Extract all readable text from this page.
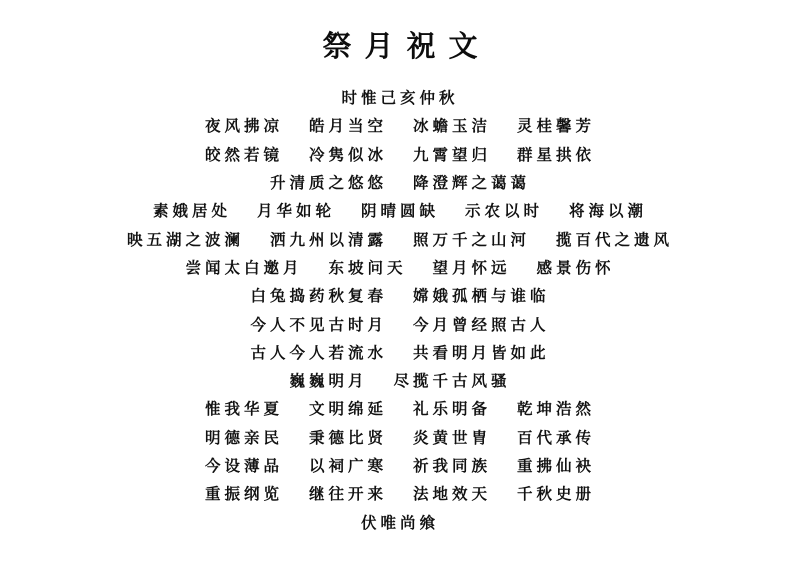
祭月祝文
时惟己亥仲秋
夜风拂凉 皓月当空 冰蟾玉洁 灵桂馨芳
皎然若镜 冷隽似冰 九霄望归 群星拱依
升清质之悠悠 降澄辉之蔼蔼
素娥居处 月华如轮 阴晴圆缺 示农以时 将海以潮
映五湖之波澜 洒九州以清露 照万千之山河 揽百代之遗风
尝闻太白邀月 东坡问天 望月怀远 感景伤怀
白兔捣药秋复春 嫦娥孤栖与谁临
今人不见古时月 今月曾经照古人
古人今人若流水 共看明月皆如此
巍巍明月 尽揽千古风骚
惟我华夏 文明绵延 礼乐明备 乾坤浩然
明德亲民 秉德比贤 炎黄世胄 百代承传
今设薄品 以祠广寒 祈我同族 重拂仙袂
重振纲览 继往开来 法地效天 千秋史册
伏唯尚飨
